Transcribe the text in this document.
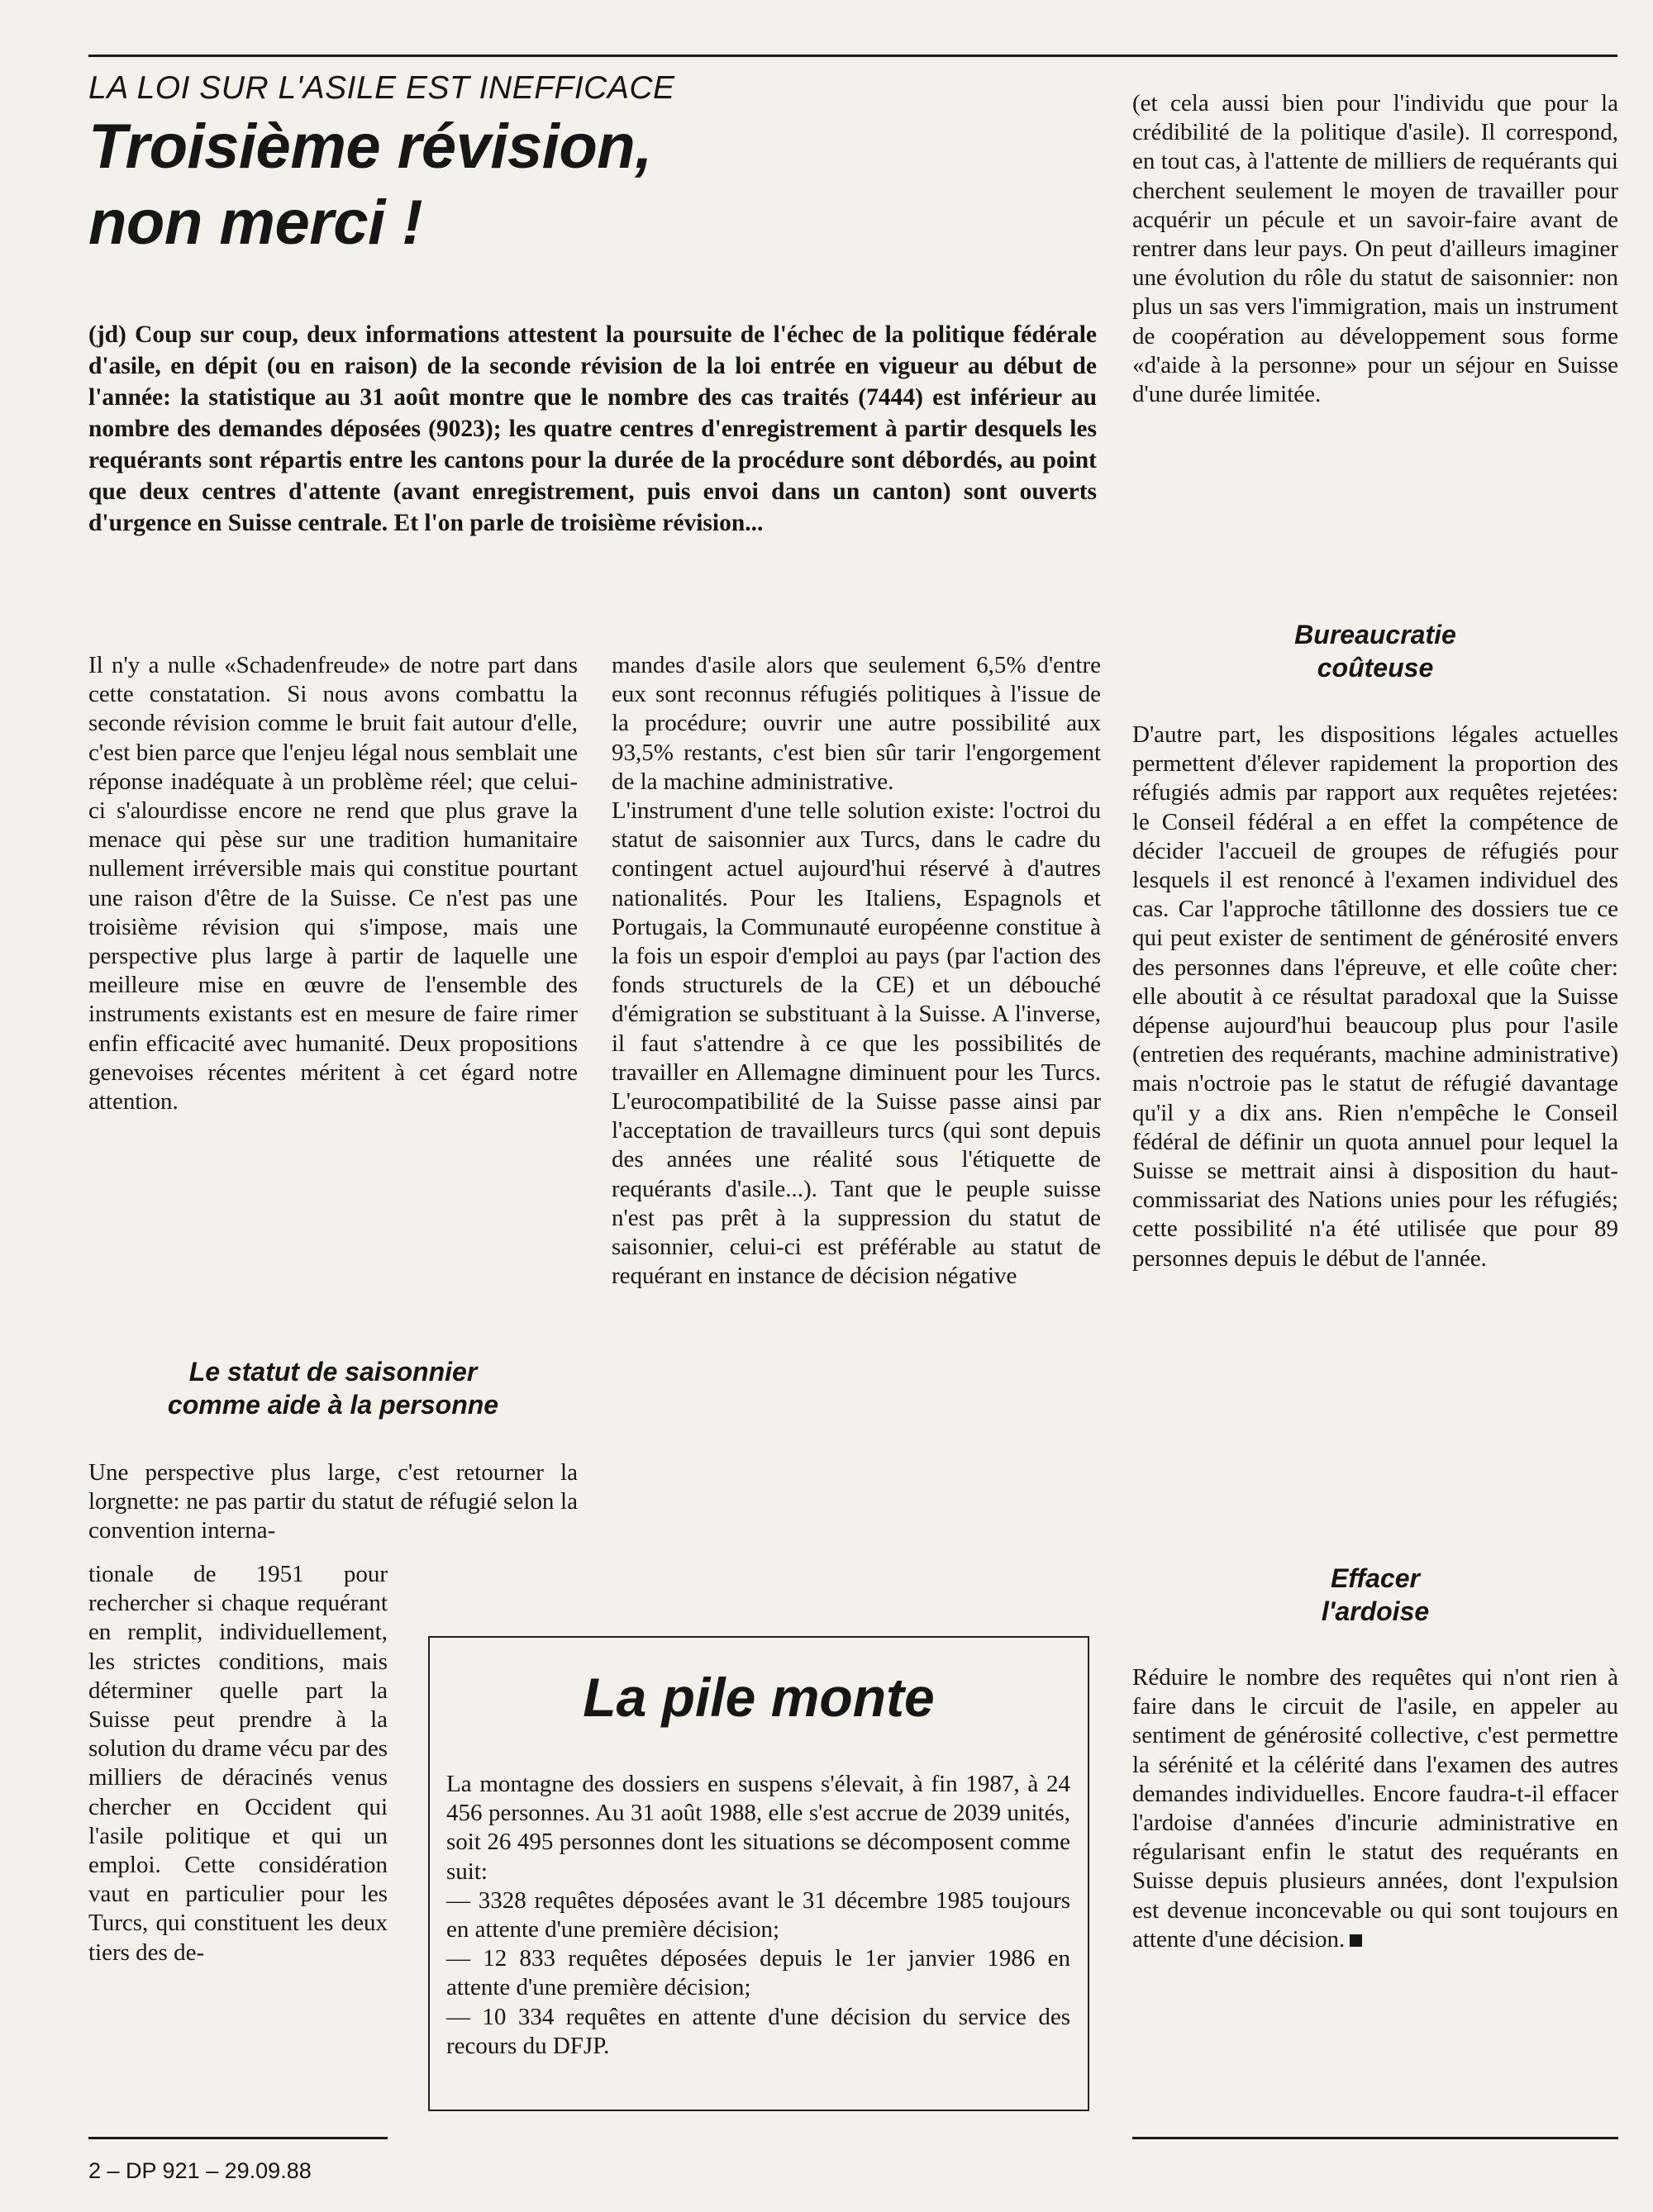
LA LOI SUR L'ASILE EST INEFFICACE

Troisième révision,
non merci !

(jd) Coup sur coup, deux informations attestent la poursuite de l'échec de la politique fédérale d'asile, en dépit (ou en raison) de la seconde révision de la loi entrée en vigueur au début de l'année: la statistique au 31 août montre que le nombre des cas traités (7444) est inférieur au nombre des demandes déposées (9023); les quatre centres d'enregistrement à partir desquels les requérants sont répartis entre les cantons pour la durée de la procédure sont débordés, au point que deux centres d'attente (avant enregistrement, puis envoi dans un canton) sont ouverts d'urgence en Suisse centrale. Et l'on parle de troisième révision...

Il n'y a nulle «Schadenfreude» de notre part dans cette constatation. Si nous avons combattu la seconde révision comme le bruit fait autour d'elle, c'est bien parce que l'enjeu légal nous semblait une réponse inadéquate à un problème réel; que celui-ci s'alourdisse encore ne rend que plus grave la menace qui pèse sur une tradition humanitaire nullement irréversible mais qui constitue pourtant une raison d'être de la Suisse. Ce n'est pas une troisième révision qui s'impose, mais une perspective plus large à partir de laquelle une meilleure mise en œuvre de l'ensemble des instruments existants est en mesure de faire rimer enfin efficacité avec humanité. Deux propositions genevoises récentes méritent à cet égard notre attention.

Le statut de saisonnier
comme aide à la personne

Une perspective plus large, c'est retourner la lorgnette: ne pas partir du statut de réfugié selon la convention interna-

tionale de 1951 pour rechercher si chaque requérant en remplit, individuellement, les strictes conditions, mais déterminer quelle part la Suisse peut prendre à la solution du drame vécu par des milliers de déracinés venus chercher en Occident qui l'asile politique et qui un emploi. Cette considération vaut en particulier pour les Turcs, qui constituent les deux tiers des de-

mandes d'asile alors que seulement 6,5% d'entre eux sont reconnus réfugiés politiques à l'issue de la procédure; ouvrir une autre possibilité aux 93,5% restants, c'est bien sûr tarir l'engorgement de la machine administrative.

L'instrument d'une telle solution existe: l'octroi du statut de saisonnier aux Turcs, dans le cadre du contingent actuel aujourd'hui réservé à d'autres nationalités. Pour les Italiens, Espagnols et Portugais, la Communauté européenne constitue à la fois un espoir d'emploi au pays (par l'action des fonds structurels de la CE) et un débouché d'émigration se substituant à la Suisse. A l'inverse, il faut s'attendre à ce que les possibilités de travailler en Allemagne diminuent pour les Turcs. L'eurocompatibilité de la Suisse passe ainsi par l'acceptation de travailleurs turcs (qui sont depuis des années une réalité sous l'étiquette de requérants d'asile...). Tant que le peuple suisse n'est pas prêt à la suppression du statut de saisonnier, celui-ci est préférable au statut de requérant en instance de décision négative

(et cela aussi bien pour l'individu que pour la crédibilité de la politique d'asile). Il correspond, en tout cas, à l'attente de milliers de requérants qui cherchent seulement le moyen de travailler pour acquérir un pécule et un savoir-faire avant de rentrer dans leur pays. On peut d'ailleurs imaginer une évolution du rôle du statut de saisonnier: non plus un sas vers l'immigration, mais un instrument de coopération au développement sous forme «d'aide à la personne» pour un séjour en Suisse d'une durée limitée.

Bureaucratie
coûteuse

D'autre part, les dispositions légales actuelles permettent d'élever rapidement la proportion des réfugiés admis par rapport aux requêtes rejetées: le Conseil fédéral a en effet la compétence de décider l'accueil de groupes de réfugiés pour lesquels il est renoncé à l'examen individuel des cas. Car l'approche tâtillonne des dossiers tue ce qui peut exister de sentiment de générosité envers des personnes dans l'épreuve, et elle coûte cher: elle aboutit à ce résultat paradoxal que la Suisse dépense aujourd'hui beaucoup plus pour l'asile (entretien des requérants, machine administrative) mais n'octroie pas le statut de réfugié davantage qu'il y a dix ans. Rien n'empêche le Conseil fédéral de définir un quota annuel pour lequel la Suisse se mettrait ainsi à disposition du haut-commissariat des Nations unies pour les réfugiés; cette possibilité n'a été utilisée que pour 89 personnes depuis le début de l'année.

Effacer
l'ardoise

Réduire le nombre des requêtes qui n'ont rien à faire dans le circuit de l'asile, en appeler au sentiment de générosité collective, c'est permettre la sérénité et la célérité dans l'examen des autres demandes individuelles. Encore faudra-t-il effacer l'ardoise d'années d'incurie administrative en régularisant enfin le statut des requérants en Suisse depuis plusieurs années, dont l'expulsion est devenue inconcevable ou qui sont toujours en attente d'une décision.

La pile monte

La montagne des dossiers en suspens s'élevait, à fin 1987, à 24 456 personnes. Au 31 août 1988, elle s'est accrue de 2039 unités, soit 26 495 personnes dont les situations se décomposent comme suit:

— 3328 requêtes déposées avant le 31 décembre 1985 toujours en attente d'une première décision;

— 12 833 requêtes déposées depuis le 1er janvier 1986 en attente d'une première décision;

— 10 334 requêtes en attente d'une décision du service des recours du DFJP.

2 – DP 921 – 29.09.88
